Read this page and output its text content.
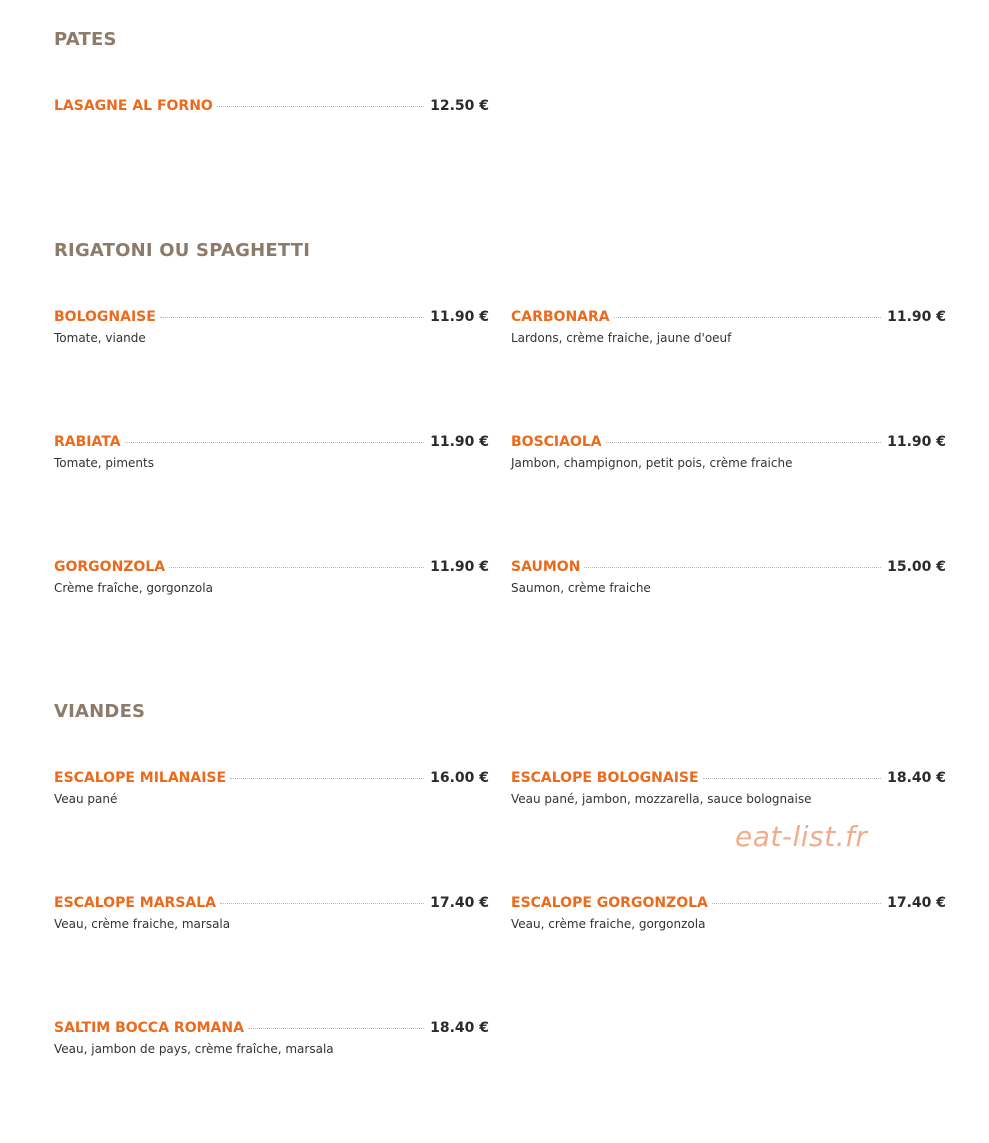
PATES
LASAGNE AL FORNO	12.50 €
RIGATONI OU SPAGHETTI
BOLOGNAISE	11.90 €
Tomate, viande
CARBONARA	11.90 €
Lardons, crème fraiche, jaune d'oeuf
RABIATA	11.90 €
Tomate, piments
BOSCIAOLA	11.90 €
Jambon, champignon, petit pois, crème fraiche
GORGONZOLA	11.90 €
Crème fraîche, gorgonzola
SAUMON	15.00 €
Saumon, crème fraiche
VIANDES
ESCALOPE MILANAISE	16.00 €
Veau pané
ESCALOPE BOLOGNAISE	18.40 €
Veau pané, jambon, mozzarella, sauce bolognaise
ESCALOPE MARSALA	17.40 €
Veau, crème fraiche, marsala
ESCALOPE GORGONZOLA	17.40 €
Veau, crème fraiche, gorgonzola
SALTIM BOCCA ROMANA	18.40 €
Veau, jambon de pays, crème fraîche, marsala
eat-list.fr
